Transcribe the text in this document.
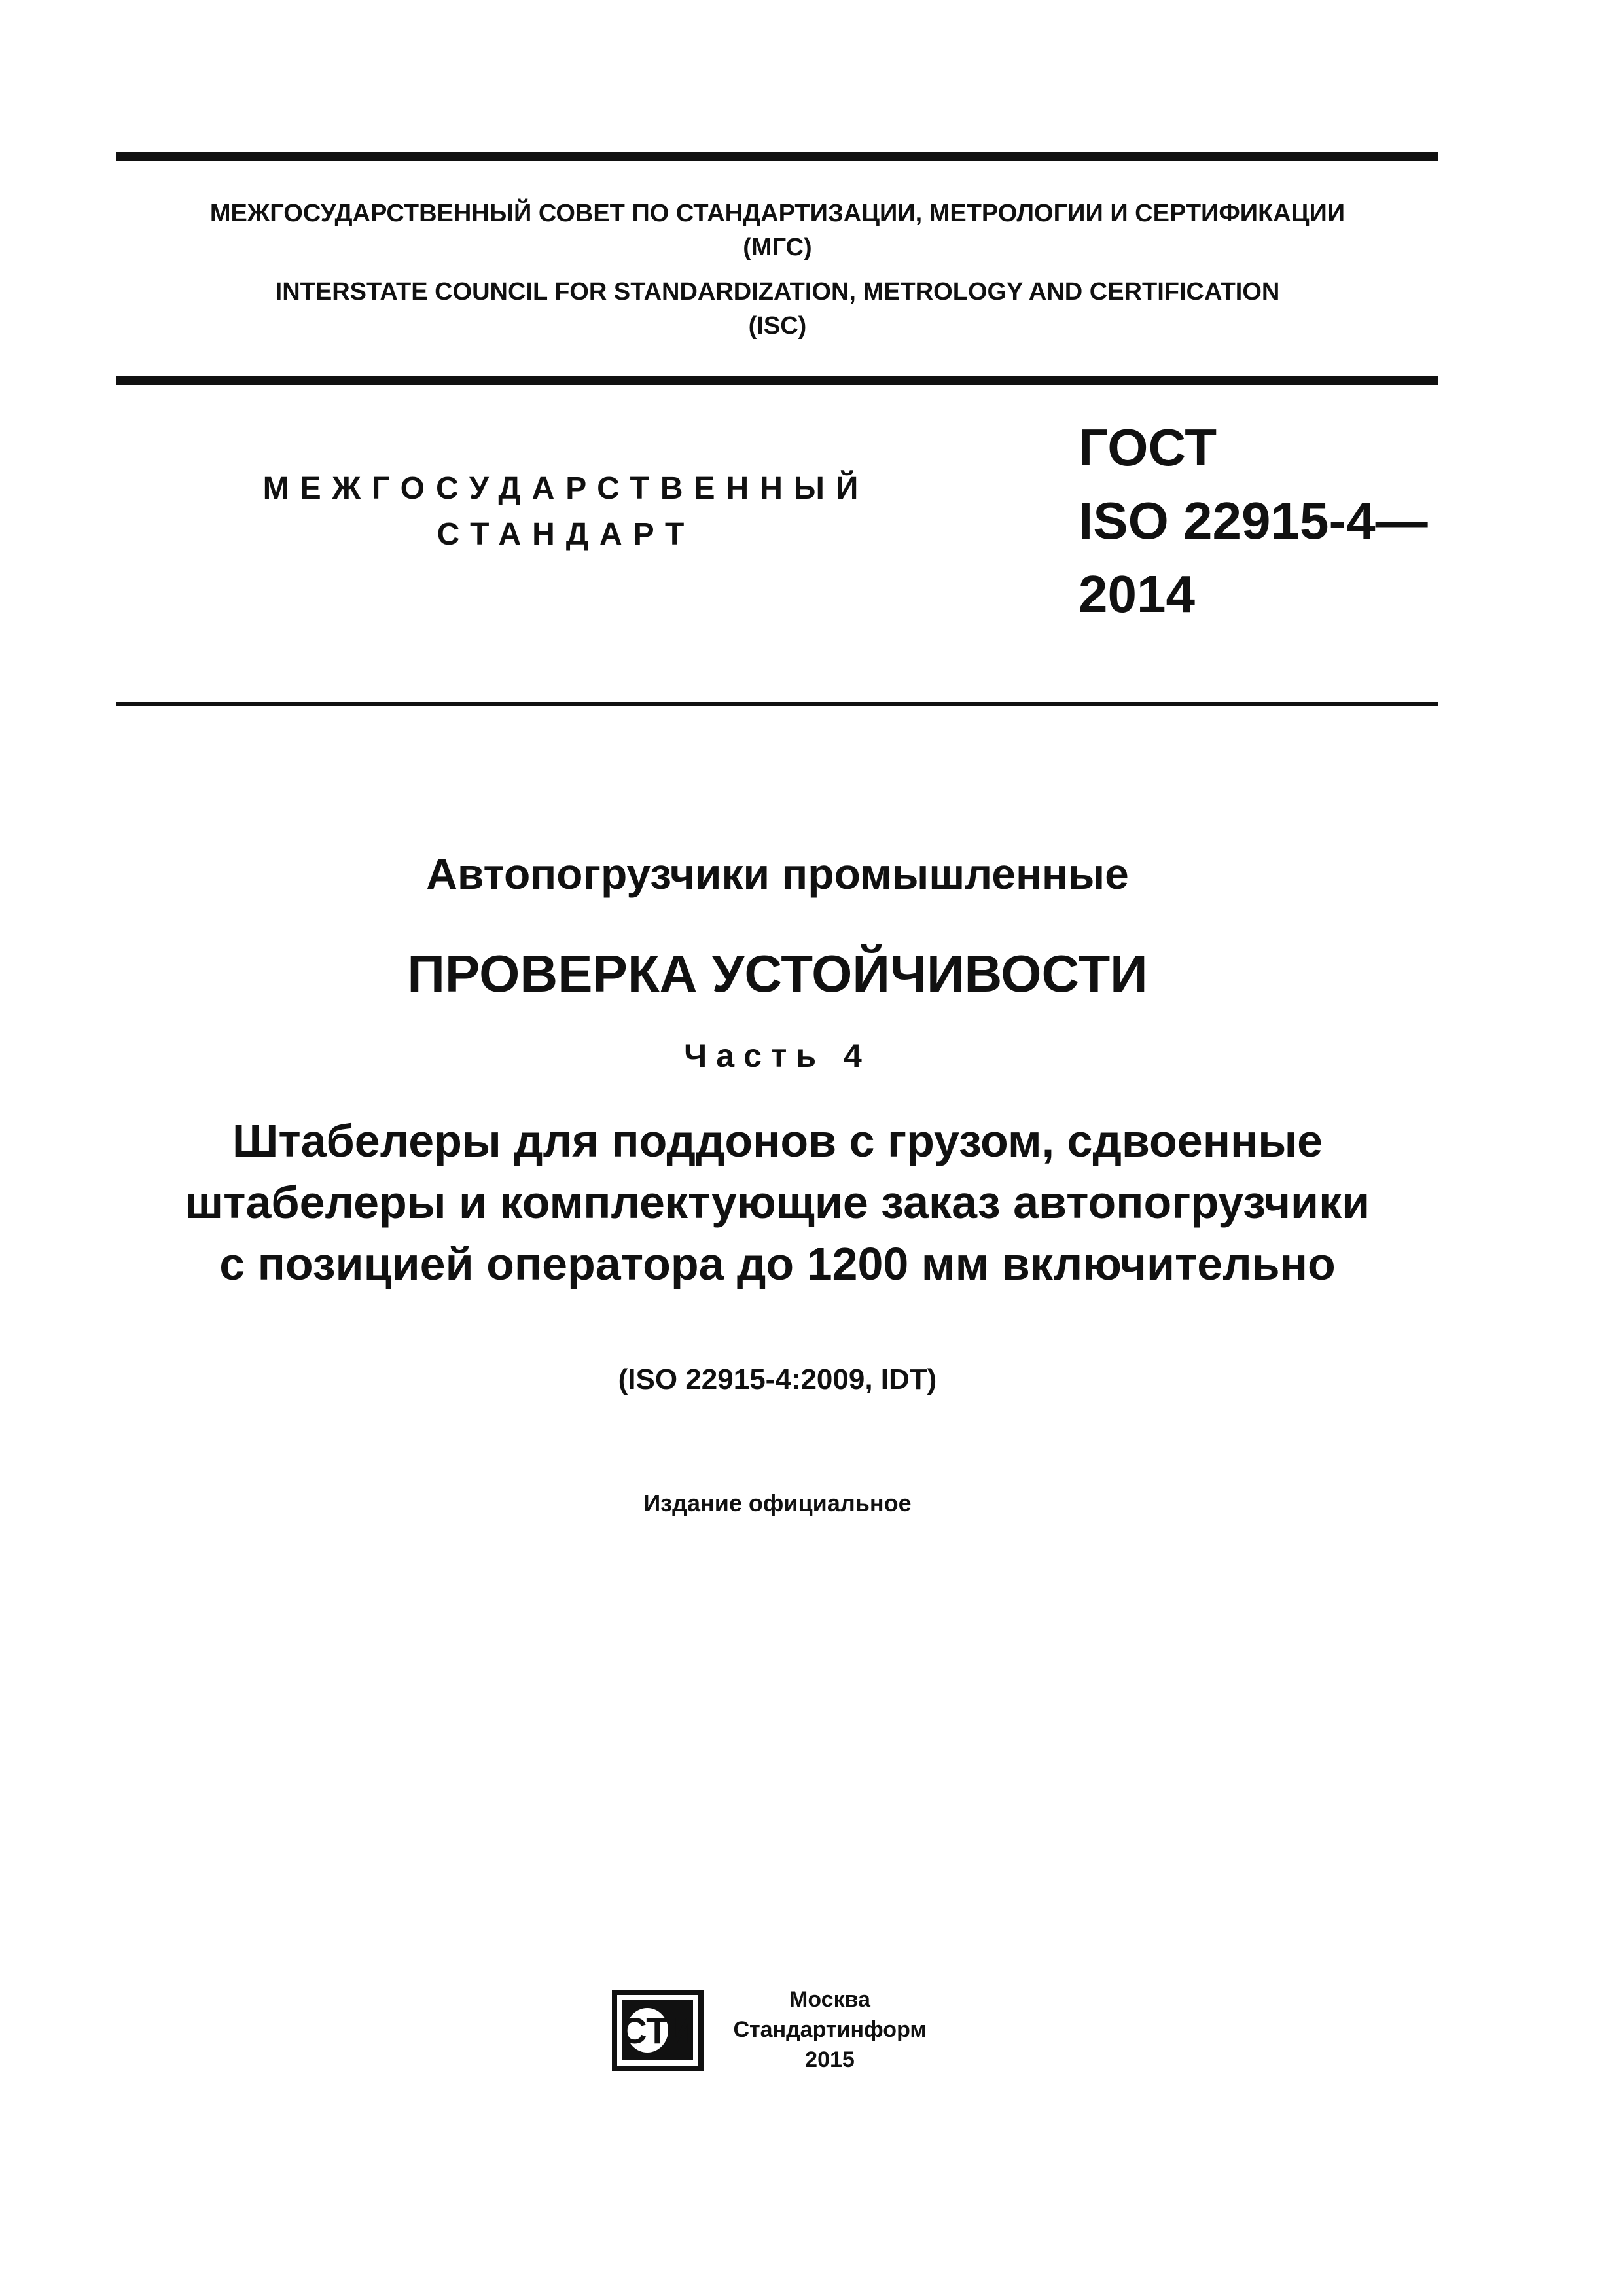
МЕЖГОСУДАРСТВЕННЫЙ СОВЕТ ПО СТАНДАРТИЗАЦИИ, МЕТРОЛОГИИ И СЕРТИФИКАЦИИ
(МГС)
INTERSTATE COUNCIL FOR STANDARDIZATION, METROLOGY AND CERTIFICATION
(ISC)
МЕЖГОСУДАРСТВЕННЫЙ
СТАНДАРТ
ГОСТ
ISO 22915-4—
2014
Автопогрузчики промышленные
ПРОВЕРКА УСТОЙЧИВОСТИ
Часть 4
Штабелеры для поддонов с грузом, сдвоенные
штабелеры и комплектующие заказ автопогрузчики
с позицией оператора до 1200 мм включительно
(ISO 22915-4:2009, IDT)
Издание официальное
СТИ
Москва
Стандартинформ
2015
